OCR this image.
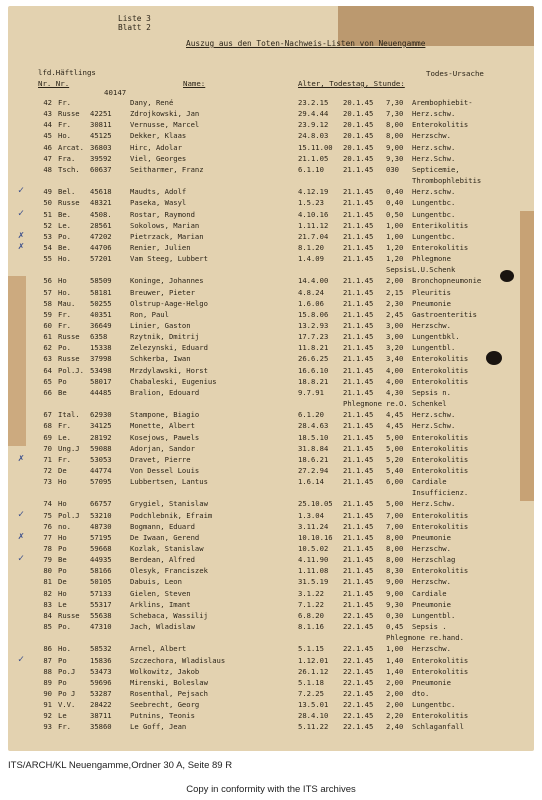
Liste 3
Blatt 2
Auszug aus den Toten-Nachweis-Listen von Neuengamme
lfd.Häftlings
Nr. Nr.	Name:	Alter, Todestag, Stunde:
Todes-Ursache
40147
42 Fr.	Dany, René	23.2.15 20.1.45 7,30 Arembophiebit-
43 Russe 42251	Zdrojkowski, Jan	29.4.44 20.1.45 7,30 Herz.schw.
44 Fr.	30811	Vernusse, Marcel	23.9.12 20.1.45 8,00 Enterokolitis
45 Ho.	45125	Dekker, Klaas	24.8.03 20.1.45 8,00 Herzschw.
46 Arcat. 36803	Hirc, Adolar	15.11.00 20.1.45 9,00 Herz.schw.
47 Fra. 39592	Viel, Georges	21.1.05 20.1.45 9,30 Herz.Schw.
48 Tsch. 60637	Seitharmer, Franz	6.1.10	21.1.45 030 Septicemie,
Thrombophlebitis
49 Bel. 45618	Maudts, Adolf	4.12.19 21.1.45 0,40 Herz.schw.
50 Russe 48321	Paseka, Wasyl	1.5.23	21.1.45 0,40 Lungentbc.
51 Be.	4508.	Rostar, Raymond	4.10.16 21.1.45 0,50 Lungentbc.
52 Le.	28561	Sokolows, Marian	1.11.12 21.1.45 1,00 Enterikolitis
53 Po.	47202	Pietrzack, Marian	21.7.04 21.1.45 1,00 Lungentbc.
54 Be.	44706	Renier, Julien	8.1.20	21.1.45 1,20 Enterokolitis
55 Ho.	57201	Vam Steeg, Lubbert	1.4.09	21.1.45 1,20 Phlegmone
Sepsis L.U.Schenk
56 Ho	58509	Koninge, Johannes	14.4.00 21.1.45 2,00 Bronchopneumonie
57 Ho.	58181	Breuwer, Pieter	4.8.24	21.1.45 2,15 Pleuritis
58 Mau. 50255	Olstrup-Aage-Helgo	1.6.06	21.1.45 2,30 Pneumonie
59 Fr.	40351	Ron, Paul	15.8.06 21.1.45 2,45 Gastroenteritis
60 Fr.	36649	Linier, Gaston	13.2.93 21.1.45 3,00 Herzschw.
61 Russe 6358	Rzytnik, Dmitrij	17.7.23 21.1.45 3,00 Lungentbkl.
62 Po.	15338	Zelezynski, Eduard	11.8.21 21.1.45 3,20 Lungentbl.
63 Russe 37998	Schkerba, Iwan	26.6.25 21.1.45 3,40 Enterokolitis
64 Pol.J. 53498	Mrzdylawski, Horst	16.6.10 21.1.45 4,00 Enterokolitis
65 Po	58017	Chabaleski, Eugenius	18.8.21 21.1.45 4,00 Enterokolitis
66 Be	44485	Bralion, Edouard	9.7.91	21.1.45 4,30 Sepsis n.
Phlegmone re.O. Schenkel
67 Ital. 62930	Stampone, Biagio	6.1.20	21.1.45 4,45 Herz.schw.
68 Fr.	34125	Monette, Albert	28.4.63 21.1.45 4,45 Herz.Schw.
69 Le.	28192	Kosejows, Pawels	18.5.10 21.1.45 5,00 Enterokolitis
70 Ung.J 59088	Adorjan, Sandor	31.8.84 21.1.45 5,00 Enterokolitis
71 Fr.	53053	Dravet, Pierre	18.6.21 21.1.45 5,20 Enterokolitis
72 De	44774	Von Dessel Louis	27.2.94 21.1.45 5,40 Enterokolitis
73 Ho	57095	Lubbertsen, Lantus	1.6.14	21.1.45 6,00 Cardiale
Insufficienz.
74 Ho	66757	Grygiel, Stanislaw	25.10.05 21.1.45 5,00 Herz.Schw.
75 Pol.J 53210	Podchlebnik, Efraim	1.3.04	21.1.45 7,00 Enterokolitis
76 no.	48730	Bogmann, Eduard	3.11.24 21.1.45 7,00 Enterokolitis
77 Ho	57195	De Iwaan, Gerend	10.10.16 21.1.45 8,00 Pneumonie
78 Po	59668	Kozlak, Stanislaw	10.5.02 21.1.45 8,00 Herzschw.
79 Be	44935	Berdean, Alfred	4.11.90 21.1.45 8,00 Herzschlag
80 Po	58166	Olesyk, Franciszek	1.11.08 21.1.45 8,30 Enterokolitis
81 De	50105	Dabuis, Leon	31.5.19 21.1.45 9,00 Herzschw.
82 Ho	57133	Gielen, Steven	3.1.22	21.1.45 9,00 Cardiale
83 Le	55317	Arklins, Imant	7.1.22	21.1.45 9,30 Pneumonie
84 Russe 55638	Schebaca, Wassilij	6.8.20	22.1.45 0,30 Lungentbl.
85 Po.	47310	Jach, Wladislaw	8.1.16	22.1.45 0,45 Sepsis .
Phlegmone re.hand.
86 Ho.	58532	Arnel, Albert	5.1.15	22.1.45 1,00 Herzschw.
87 Po	15836	Szczechora, Wladislaus	1.12.01 22.1.45 1,40 Enterokolitis
88 Po.J 53473	Wolkowitz, Jakob	26.1.12 22.1.45 1,40 Enterokolitis
89 Po	59696	Mirenski, Boleslaw	5.1.18	22.1.45 2,00 Pneumonie
90 Po J 53287	Rosenthal, Pejsach	7.2.25	22.1.45 2,00 dto.
91 V.V. 28422	Seebrecht, Georg	13.5.01 22.1.45 2,00 Lungentbc.
92 Le	38711	Putnins, Teonis	28.4.10 22.1.45 2,20 Enterokolitis
93 Fr.	35860	Le Goff, Jean	5.11.22 22.1.45 2,40 Schlaganfall
✓
✓
✗
✗
✗
✓
✗
✓
✓
ITS/ARCH/KL Neuengamme,Ordner 30 A, Seite 89 R
Copy in conformity with the ITS archives
